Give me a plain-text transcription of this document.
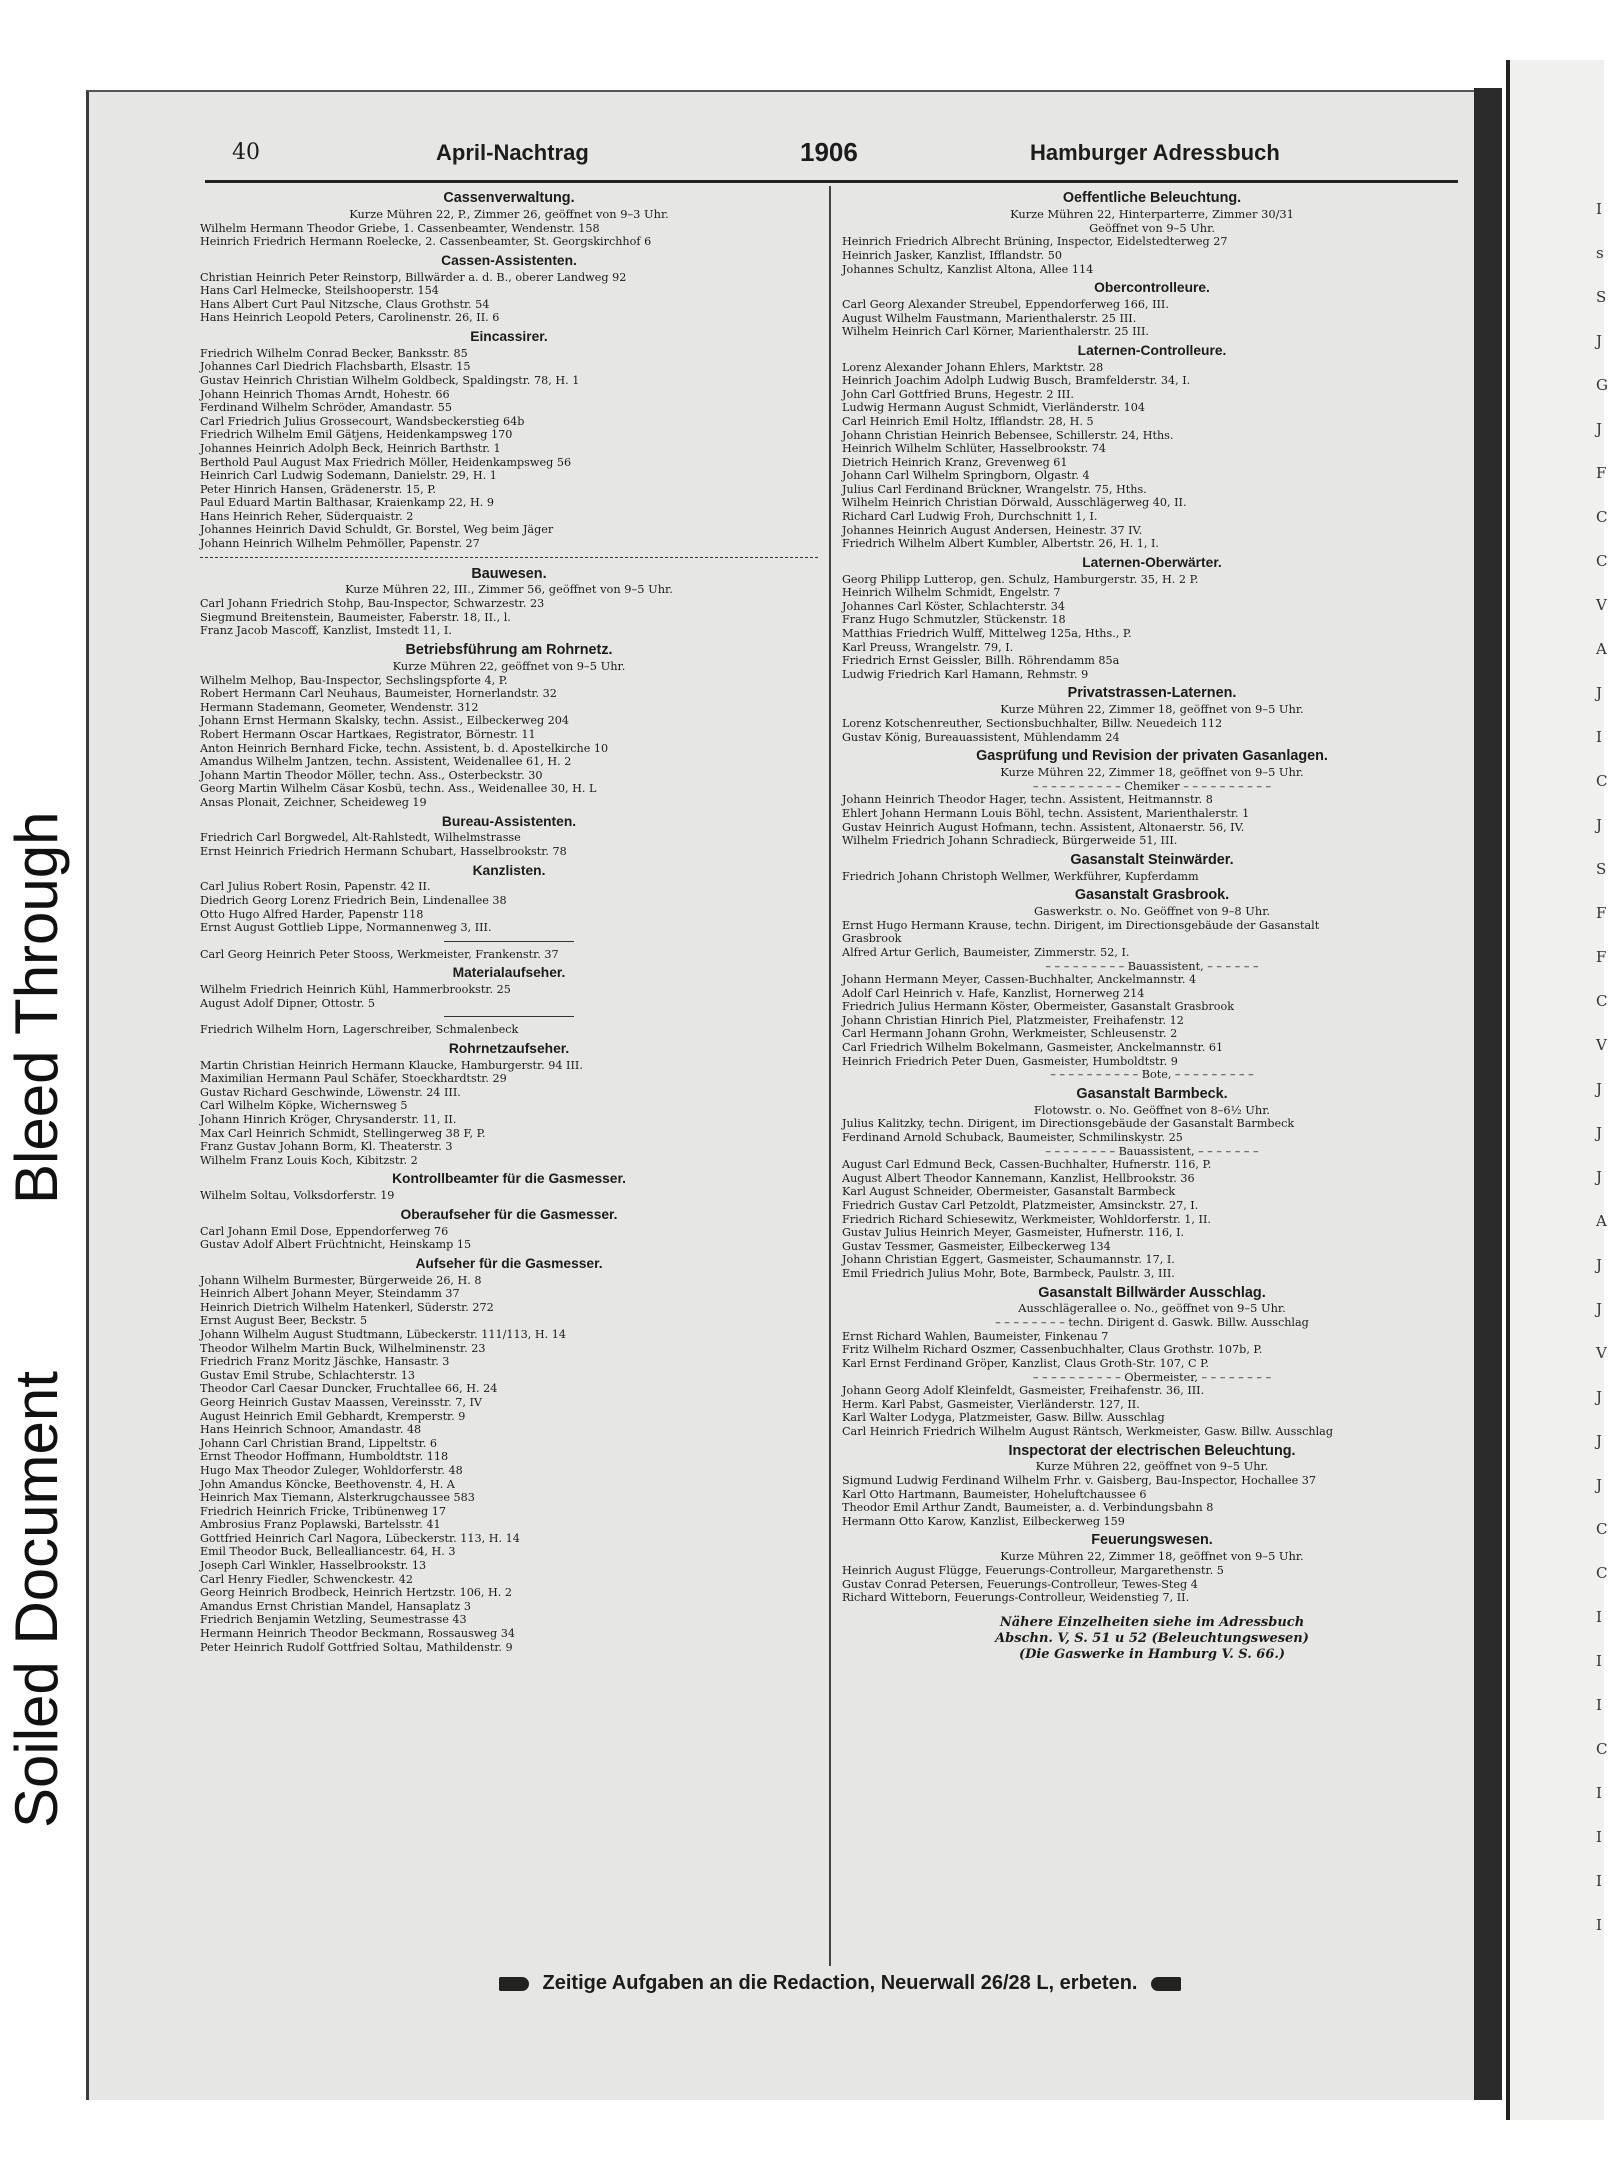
Bleed Through
Soiled Document
I
s
S
J
G
J
F
C
C
V
A
J
I
C
J
S
F
F
C
V
J
J
J
A
J
J
V
J
J
J
C
C
I
I
I
C
I
I
I
I
40	April-Nachtrag	1906	Hamburger Adressbuch
Cassenverwaltung.
Kurze Mühren 22, P., Zimmer 26, geöffnet von 9–3 Uhr.
Wilhelm Hermann Theodor Griebe, 1. Cassenbeamter, Wendenstr. 158
Heinrich Friedrich Hermann Roelecke, 2. Cassenbeamter, St. Georgskirchhof 6
Cassen-Assistenten.
Christian Heinrich Peter Reinstorp, Billwärder a. d. B., oberer Landweg 92
Hans Carl Helmecke, Steilshooperstr. 154
Hans Albert Curt Paul Nitzsche, Claus Grothstr. 54
Hans Heinrich Leopold Peters, Carolinenstr. 26, II. 6
Eincassirer.
Friedrich Wilhelm Conrad Becker, Banksstr. 85
Johannes Carl Diedrich Flachsbarth, Elsastr. 15
Gustav Heinrich Christian Wilhelm Goldbeck, Spaldingstr. 78, H. 1
Johann Heinrich Thomas Arndt, Hohestr. 66
Ferdinand Wilhelm Schröder, Amandastr. 55
Carl Friedrich Julius Grossecourt, Wandsbeckerstieg 64b
Friedrich Wilhelm Emil Gätjens, Heidenkampsweg 170
Johannes Heinrich Adolph Beck, Heinrich Barthstr. 1
Berthold Paul August Max Friedrich Möller, Heidenkampsweg 56
Heinrich Carl Ludwig Sodemann, Danielstr. 29, H. 1
Peter Hinrich Hansen, Grädenerstr. 15, P.
Paul Eduard Martin Balthasar, Kraienkamp 22, H. 9
Hans Heinrich Reher, Süderquaistr. 2
Johannes Heinrich David Schuldt, Gr. Borstel, Weg beim Jäger
Johann Heinrich Wilhelm Pehmöller, Papenstr. 27
Bauwesen.
Kurze Mühren 22, III., Zimmer 56, geöffnet von 9–5 Uhr.
Carl Johann Friedrich Stohp, Bau-Inspector, Schwarzestr. 23
Siegmund Breitenstein, Baumeister, Faberstr. 18, II., l.
Franz Jacob Mascoff, Kanzlist, Imstedt 11, I.
Betriebsführung am Rohrnetz.
Kurze Mühren 22, geöffnet von 9–5 Uhr.
Wilhelm Melhop, Bau-Inspector, Sechslingspforte 4, P.
Robert Hermann Carl Neuhaus, Baumeister, Hornerlandstr. 32
Hermann Stademann, Geometer, Wendenstr. 312
Johann Ernst Hermann Skalsky, techn. Assist., Eilbeckerweg 204
Robert Hermann Oscar Hartkaes, Registrator, Börnestr. 11
Anton Heinrich Bernhard Ficke, techn. Assistent, b. d. Apostelkirche 10
Amandus Wilhelm Jantzen, techn. Assistent, Weidenallee 61, H. 2
Johann Martin Theodor Möller, techn. Ass., Osterbeckstr. 30
Georg Martin Wilhelm Cäsar Kosbü, techn. Ass., Weidenallee 30, H. L
Ansas Plonait, Zeichner, Scheideweg 19
Bureau-Assistenten.
Friedrich Carl Borgwedel, Alt-Rahlstedt, Wilhelmstrasse
Ernst Heinrich Friedrich Hermann Schubart, Hasselbrookstr. 78
Kanzlisten.
Carl Julius Robert Rosin, Papenstr. 42 II.
Diedrich Georg Lorenz Friedrich Bein, Lindenallee 38
Otto Hugo Alfred Harder, Papenstr 118
Ernst August Gottlieb Lippe, Normannenweg 3, III.
Carl Georg Heinrich Peter Stooss, Werkmeister, Frankenstr. 37
Materialaufseher.
Wilhelm Friedrich Heinrich Kühl, Hammerbrookstr. 25
August Adolf Dipner, Ottostr. 5
Friedrich Wilhelm Horn, Lagerschreiber, Schmalenbeck
Rohrnetzaufseher.
Martin Christian Heinrich Hermann Klaucke, Hamburgerstr. 94 III.
Maximilian Hermann Paul Schäfer, Stoeckhardtstr. 29
Gustav Richard Geschwinde, Löwenstr. 24 III.
Carl Wilhelm Köpke, Wichernsweg 5
Johann Hinrich Kröger, Chrysanderstr. 11, II.
Max Carl Heinrich Schmidt, Stellingerweg 38 F, P.
Franz Gustav Johann Borm, Kl. Theaterstr. 3
Wilhelm Franz Louis Koch, Kibitzstr. 2
Kontrollbeamter für die Gasmesser.
Wilhelm Soltau, Volksdorferstr. 19
Oberaufseher für die Gasmesser.
Carl Johann Emil Dose, Eppendorferweg 76
Gustav Adolf Albert Früchtnicht, Heinskamp 15
Aufseher für die Gasmesser.
Johann Wilhelm Burmester, Bürgerweide 26, H. 8
Heinrich Albert Johann Meyer, Steindamm 37
Heinrich Dietrich Wilhelm Hatenkerl, Süderstr. 272
Ernst August Beer, Beckstr. 5
Johann Wilhelm August Studtmann, Lübeckerstr. 111/113, H. 14
Theodor Wilhelm Martin Buck, Wilhelminenstr. 23
Friedrich Franz Moritz Jäschke, Hansastr. 3
Gustav Emil Strube, Schlachterstr. 13
Theodor Carl Caesar Duncker, Fruchtallee 66, H. 24
Georg Heinrich Gustav Maassen, Vereinsstr. 7, IV
August Heinrich Emil Gebhardt, Kremperstr. 9
Hans Heinrich Schnoor, Amandastr. 48
Johann Carl Christian Brand, Lippeltstr. 6
Ernst Theodor Hoffmann, Humboldtstr. 118
Hugo Max Theodor Zuleger, Wohldorferstr. 48
John Amandus Köncke, Beethovenstr. 4, H. A
Heinrich Max Tiemann, Alsterkrugchaussee 583
Friedrich Heinrich Fricke, Tribünenweg 17
Ambrosius Franz Poplawski, Bartelsstr. 41
Gottfried Heinrich Carl Nagora, Lübeckerstr. 113, H. 14
Emil Theodor Buck, Bellealliancestr. 64, H. 3
Joseph Carl Winkler, Hasselbrookstr. 13
Carl Henry Fiedler, Schwenckestr. 42
Georg Heinrich Brodbeck, Heinrich Hertzstr. 106, H. 2
Amandus Ernst Christian Mandel, Hansaplatz 3
Friedrich Benjamin Wetzling, Seumestrasse 43
Hermann Heinrich Theodor Beckmann, Rossausweg 34
Peter Heinrich Rudolf Gottfried Soltau, Mathildenstr. 9
Oeffentliche Beleuchtung.
Kurze Mühren 22, Hinterparterre, Zimmer 30/31
Geöffnet von 9–5 Uhr.
Heinrich Friedrich Albrecht Brüning, Inspector, Eidelstedterweg 27
Heinrich Jasker, Kanzlist, Ifflandstr. 50
Johannes Schultz, Kanzlist Altona, Allee 114
Obercontrolleure.
Carl Georg Alexander Streubel, Eppendorferweg 166, III.
August Wilhelm Faustmann, Marienthalerstr. 25 III.
Wilhelm Heinrich Carl Körner, Marienthalerstr. 25 III.
Laternen-Controlleure.
Lorenz Alexander Johann Ehlers, Marktstr. 28
Heinrich Joachim Adolph Ludwig Busch, Bramfelderstr. 34, I.
John Carl Gottfried Bruns, Hegestr. 2 III.
Ludwig Hermann August Schmidt, Vierländerstr. 104
Carl Heinrich Emil Holtz, Ifflandstr. 28, H. 5
Johann Christian Heinrich Bebensee, Schillerstr. 24, Hths.
Heinrich Wilhelm Schlüter, Hasselbrookstr. 74
Dietrich Heinrich Kranz, Grevenweg 61
Johann Carl Wilhelm Springborn, Olgastr. 4
Julius Carl Ferdinand Brückner, Wrangelstr. 75, Hths.
Wilhelm Heinrich Christian Dörwald, Ausschlägerweg 40, II.
Richard Carl Ludwig Froh, Durchschnitt 1, I.
Johannes Heinrich August Andersen, Heinestr. 37 IV.
Friedrich Wilhelm Albert Kumbler, Albertstr. 26, H. 1, I.
Laternen-Oberwärter.
Georg Philipp Lutterop, gen. Schulz, Hamburgerstr. 35, H. 2 P.
Heinrich Wilhelm Schmidt, Engelstr. 7
Johannes Carl Köster, Schlachterstr. 34
Franz Hugo Schmutzler, Stückenstr. 18
Matthias Friedrich Wulff, Mittelweg 125a, Hths., P.
Karl Preuss, Wrangelstr. 79, I.
Friedrich Ernst Geissler, Billh. Röhrendamm 85a
Ludwig Friedrich Karl Hamann, Rehmstr. 9
Privatstrassen-Laternen.
Kurze Mühren 22, Zimmer 18, geöffnet von 9–5 Uhr.
Lorenz Kotschenreuther, Sectionsbuchhalter, Billw. Neuedeich 112
Gustav König, Bureauassistent, Mühlendamm 24
Gasprüfung und Revision der privaten Gasanlagen.
Kurze Mühren 22, Zimmer 18, geöffnet von 9–5 Uhr.
– – – – – – – – – – Chemiker – – – – – – – – – –
Johann Heinrich Theodor Hager, techn. Assistent, Heitmannstr. 8
Ehlert Johann Hermann Louis Böhl, techn. Assistent, Marienthalerstr. 1
Gustav Heinrich August Hofmann, techn. Assistent, Altonaerstr. 56, IV.
Wilhelm Friedrich Johann Schradieck, Bürgerweide 51, III.
Gasanstalt Steinwärder.
Friedrich Johann Christoph Wellmer, Werkführer, Kupferdamm
Gasanstalt Grasbrook.
Gaswerkstr. o. No. Geöffnet von 9–8 Uhr.
Ernst Hugo Hermann Krause, techn. Dirigent, im Directionsgebäude der Gasanstalt
Grasbrook
Alfred Artur Gerlich, Baumeister, Zimmerstr. 52, I.
– – – – – – – – – Bauassistent, – – – – – –
Johann Hermann Meyer, Cassen-Buchhalter, Anckelmannstr. 4
Adolf Carl Heinrich v. Hafe, Kanzlist, Hornerweg 214
Friedrich Julius Hermann Köster, Obermeister, Gasanstalt Grasbrook
Johann Christian Hinrich Piel, Platzmeister, Freihafenstr. 12
Carl Hermann Johann Grohn, Werkmeister, Schleusenstr. 2
Carl Friedrich Wilhelm Bokelmann, Gasmeister, Anckelmannstr. 61
Heinrich Friedrich Peter Duen, Gasmeister, Humboldtstr. 9
– – – – – – – – – – Bote, – – – – – – – – –
Gasanstalt Barmbeck.
Flotowstr. o. No. Geöffnet von 8–6½ Uhr.
Julius Kalitzky, techn. Dirigent, im Directionsgebäude der Gasanstalt Barmbeck
Ferdinand Arnold Schuback, Baumeister, Schmilinskystr. 25
– – – – – – – – Bauassistent, – – – – – – –
August Carl Edmund Beck, Cassen-Buchhalter, Hufnerstr. 116, P.
August Albert Theodor Kannemann, Kanzlist, Hellbrookstr. 36
Karl August Schneider, Obermeister, Gasanstalt Barmbeck
Friedrich Gustav Carl Petzoldt, Platzmeister, Amsinckstr. 27, I.
Friedrich Richard Schiesewitz, Werkmeister, Wohldorferstr. 1, II.
Gustav Julius Heinrich Meyer, Gasmeister, Hufnerstr. 116, I.
Gustav Tessmer, Gasmeister, Eilbeckerweg 134
Johann Christian Eggert, Gasmeister, Schaumannstr. 17, I.
Emil Friedrich Julius Mohr, Bote, Barmbeck, Paulstr. 3, III.
Gasanstalt Billwärder Ausschlag.
Ausschlägerallee o. No., geöffnet von 9–5 Uhr.
– – – – – – – – techn. Dirigent d. Gaswk. Billw. Ausschlag
Ernst Richard Wahlen, Baumeister, Finkenau 7
Fritz Wilhelm Richard Oszmer, Cassenbuchhalter, Claus Grothstr. 107b, P.
Karl Ernst Ferdinand Gröper, Kanzlist, Claus Groth-Str. 107, C P.
– – – – – – – – – – Obermeister, – – – – – – – –
Johann Georg Adolf Kleinfeldt, Gasmeister, Freihafenstr. 36, III.
Herm. Karl Pabst, Gasmeister, Vierländerstr. 127, II.
Karl Walter Lodyga, Platzmeister, Gasw. Billw. Ausschlag
Carl Heinrich Friedrich Wilhelm August Räntsch, Werkmeister, Gasw. Billw. Ausschlag
Inspectorat der electrischen Beleuchtung.
Kurze Mühren 22, geöffnet von 9–5 Uhr.
Sigmund Ludwig Ferdinand Wilhelm Frhr. v. Gaisberg, Bau-Inspector, Hochallee 37
Karl Otto Hartmann, Baumeister, Hoheluftchaussee 6
Theodor Emil Arthur Zandt, Baumeister, a. d. Verbindungsbahn 8
Hermann Otto Karow, Kanzlist, Eilbeckerweg 159
Feuerungswesen.
Kurze Mühren 22, Zimmer 18, geöffnet von 9–5 Uhr.
Heinrich August Flügge, Feuerungs-Controlleur, Margarethenstr. 5
Gustav Conrad Petersen, Feuerungs-Controlleur, Tewes-Steg 4
Richard Witteborn, Feuerungs-Controlleur, Weidenstieg 7, II.
Nähere Einzelheiten siehe im Adressbuch
Abschn. V, S. 51 u 52 (Beleuchtungswesen)
(Die Gaswerke in Hamburg V. S. 66.)
Zeitige Aufgaben an die Redaction, Neuerwall 26/28 L, erbeten.
